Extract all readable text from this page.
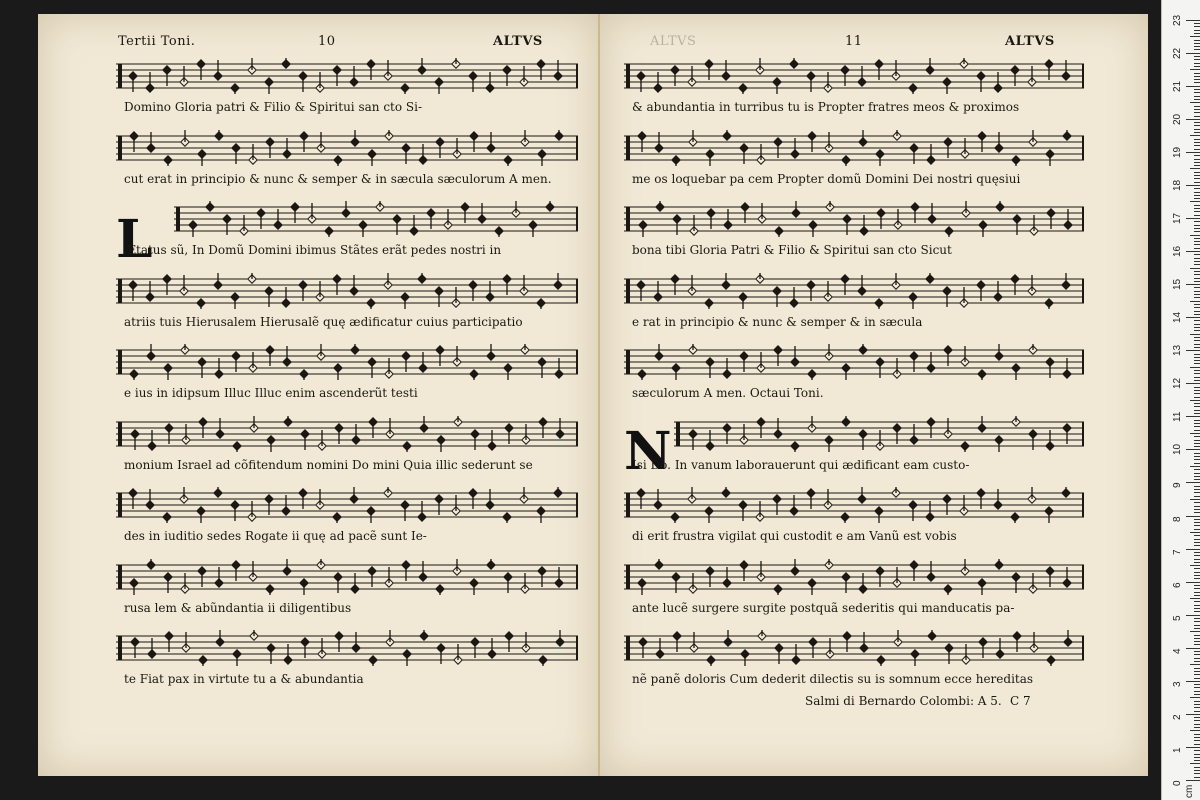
Tertii Toni.	10	ALTVS
L
Domino Gloria patri & Filio & Spiritui san cto Si-
cut erat in principio & nunc & semper & in sæcula sæculorum A men.
Ætatus sũ, In Domũ Domini ibimus Stãtes erãt pedes nostri in
atriis tuis Hierusalem Hierusalẽ quę ædificatur cuius participatio
e ius in idipsum Illuc Illuc enim ascenderũt testi
monium Israel ad cõfitendum nomini Do mini Quia illic sederunt se
des in iuditio sedes Rogate ii quę ad pacẽ sunt Ie-
rusa lem & abũndantia ii diligentibus
te Fiat pax in virtute tu a & abundantia
ALTVS	11	ALTVS
N
& abundantia in turribus tu is Propter fratres meos & proximos
me os loquebar pa cem Propter domũ Domini Dei nostri quęsiui
bona tibi Gloria Patri & Filio & Spiritui san cto Sicut
e rat in principio & nunc & semper & in sæcula
sæculorum A men. Octaui Toni.
Isi Do. In vanum laborauerunt qui ædificant eam custo-
di erit frustra vigilat qui custodit e am Vanũ est vobis
ante lucẽ surgere surgite postquã sederitis qui manducatis pa-
nẽ panẽ doloris Cum dederit dilectis su is somnum ecce hereditas
Salmi di Bernardo Colombi: A 5. C 7
0
1
2
3
4
5
6
7
8
9
10
11
12
13
14
15
16
17
18
19
20
21
22
23
cm
